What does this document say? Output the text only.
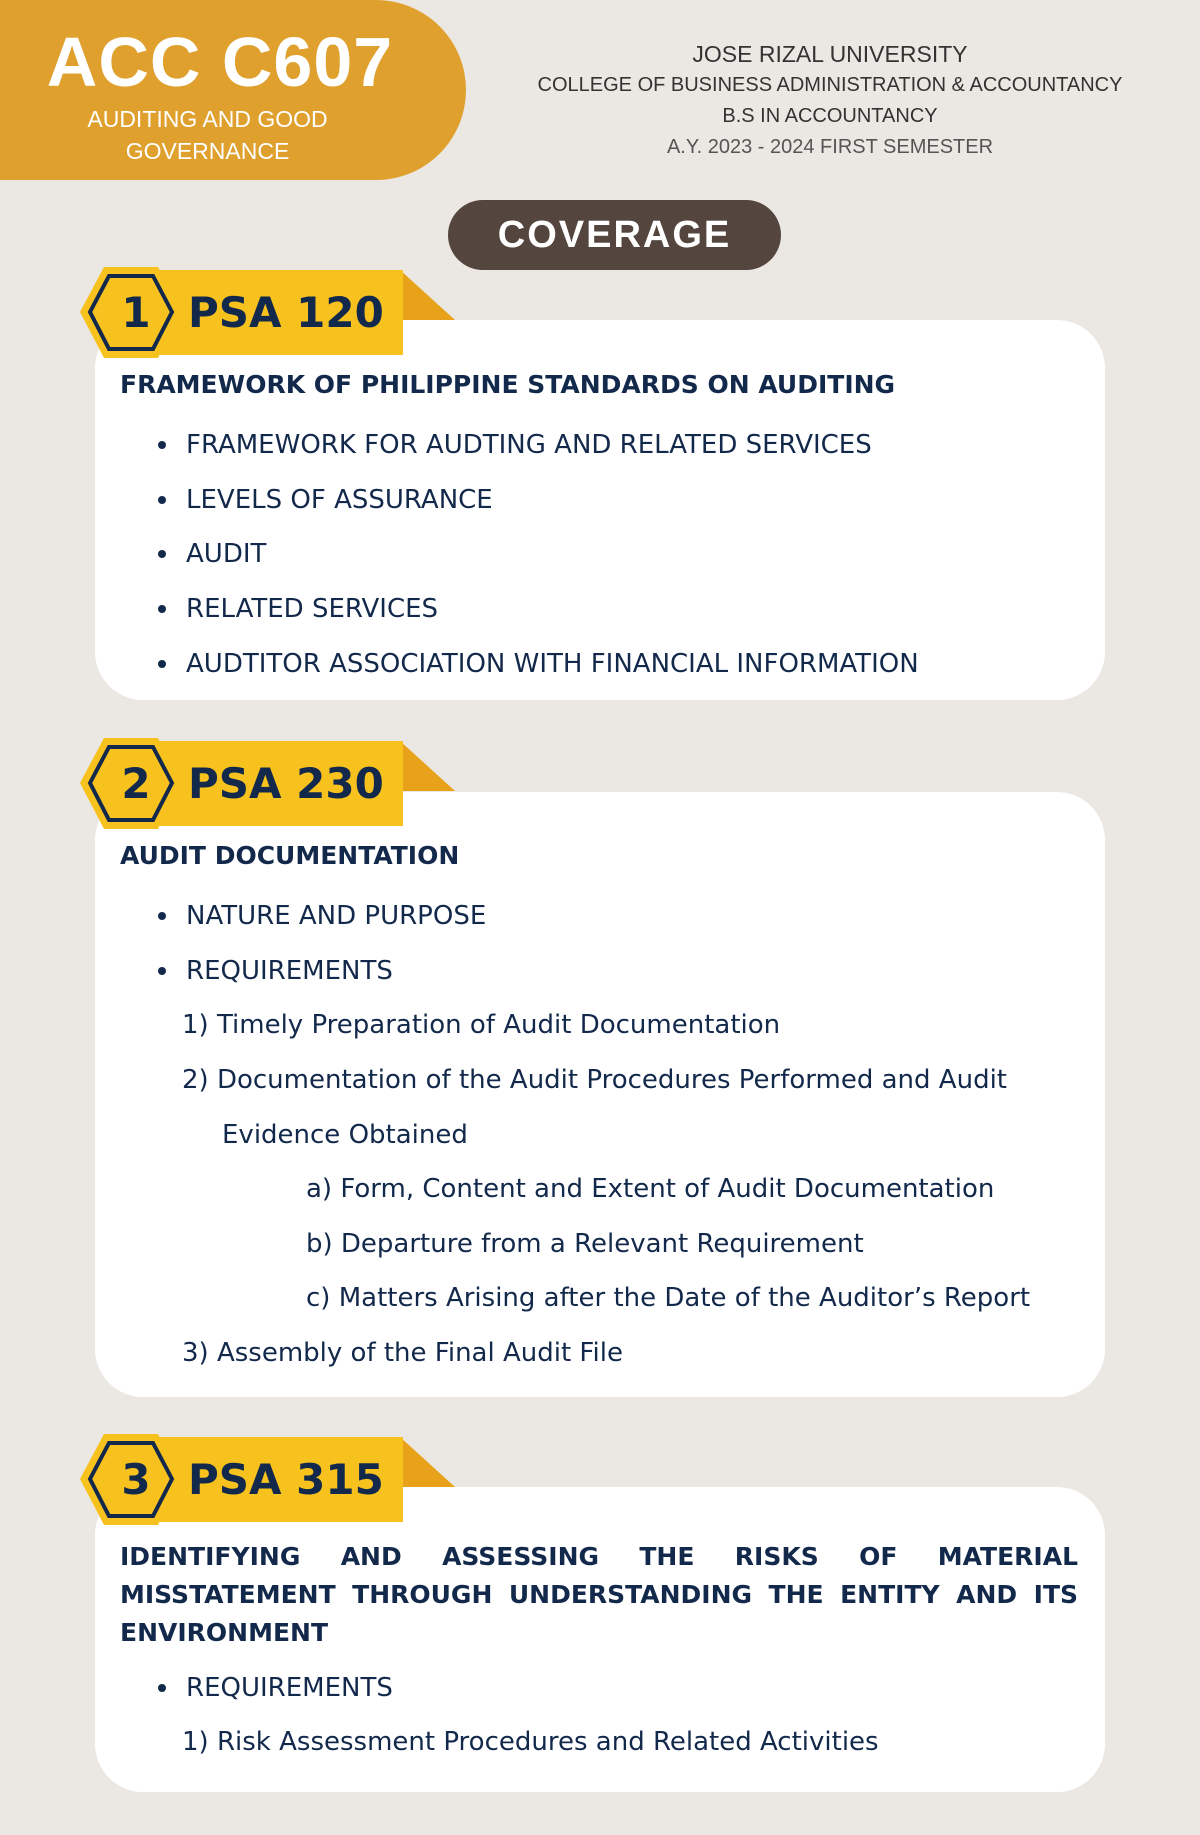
ACC C607
AUDITING AND GOOD
GOVERNANCE
JOSE RIZAL UNIVERSITY
COLLEGE OF BUSINESS ADMINISTRATION & ACCOUNTANCY
B.S IN ACCOUNTANCY
A.Y. 2023 - 2024 FIRST SEMESTER
COVERAGE
1 PSA 120
FRAMEWORK OF PHILIPPINE STANDARDS ON AUDITING
FRAMEWORK FOR AUDTING AND RELATED SERVICES
LEVELS OF ASSURANCE
AUDIT
RELATED SERVICES
AUDTITOR ASSOCIATION WITH FINANCIAL INFORMATION
2 PSA 230
AUDIT DOCUMENTATION
NATURE AND PURPOSE
REQUIREMENTS
1) Timely Preparation of Audit Documentation
2) Documentation of the Audit Procedures Performed and Audit
Evidence Obtained
a) Form, Content and Extent of Audit Documentation
b) Departure from a Relevant Requirement
c) Matters Arising after the Date of the Auditor’s Report
3) Assembly of the Final Audit File
3 PSA 315
IDENTIFYING AND ASSESSING THE RISKS OF MATERIAL MISSTATEMENT THROUGH UNDERSTANDING THE ENTITY AND ITS ENVIRONMENT
REQUIREMENTS
1) Risk Assessment Procedures and Related Activities
